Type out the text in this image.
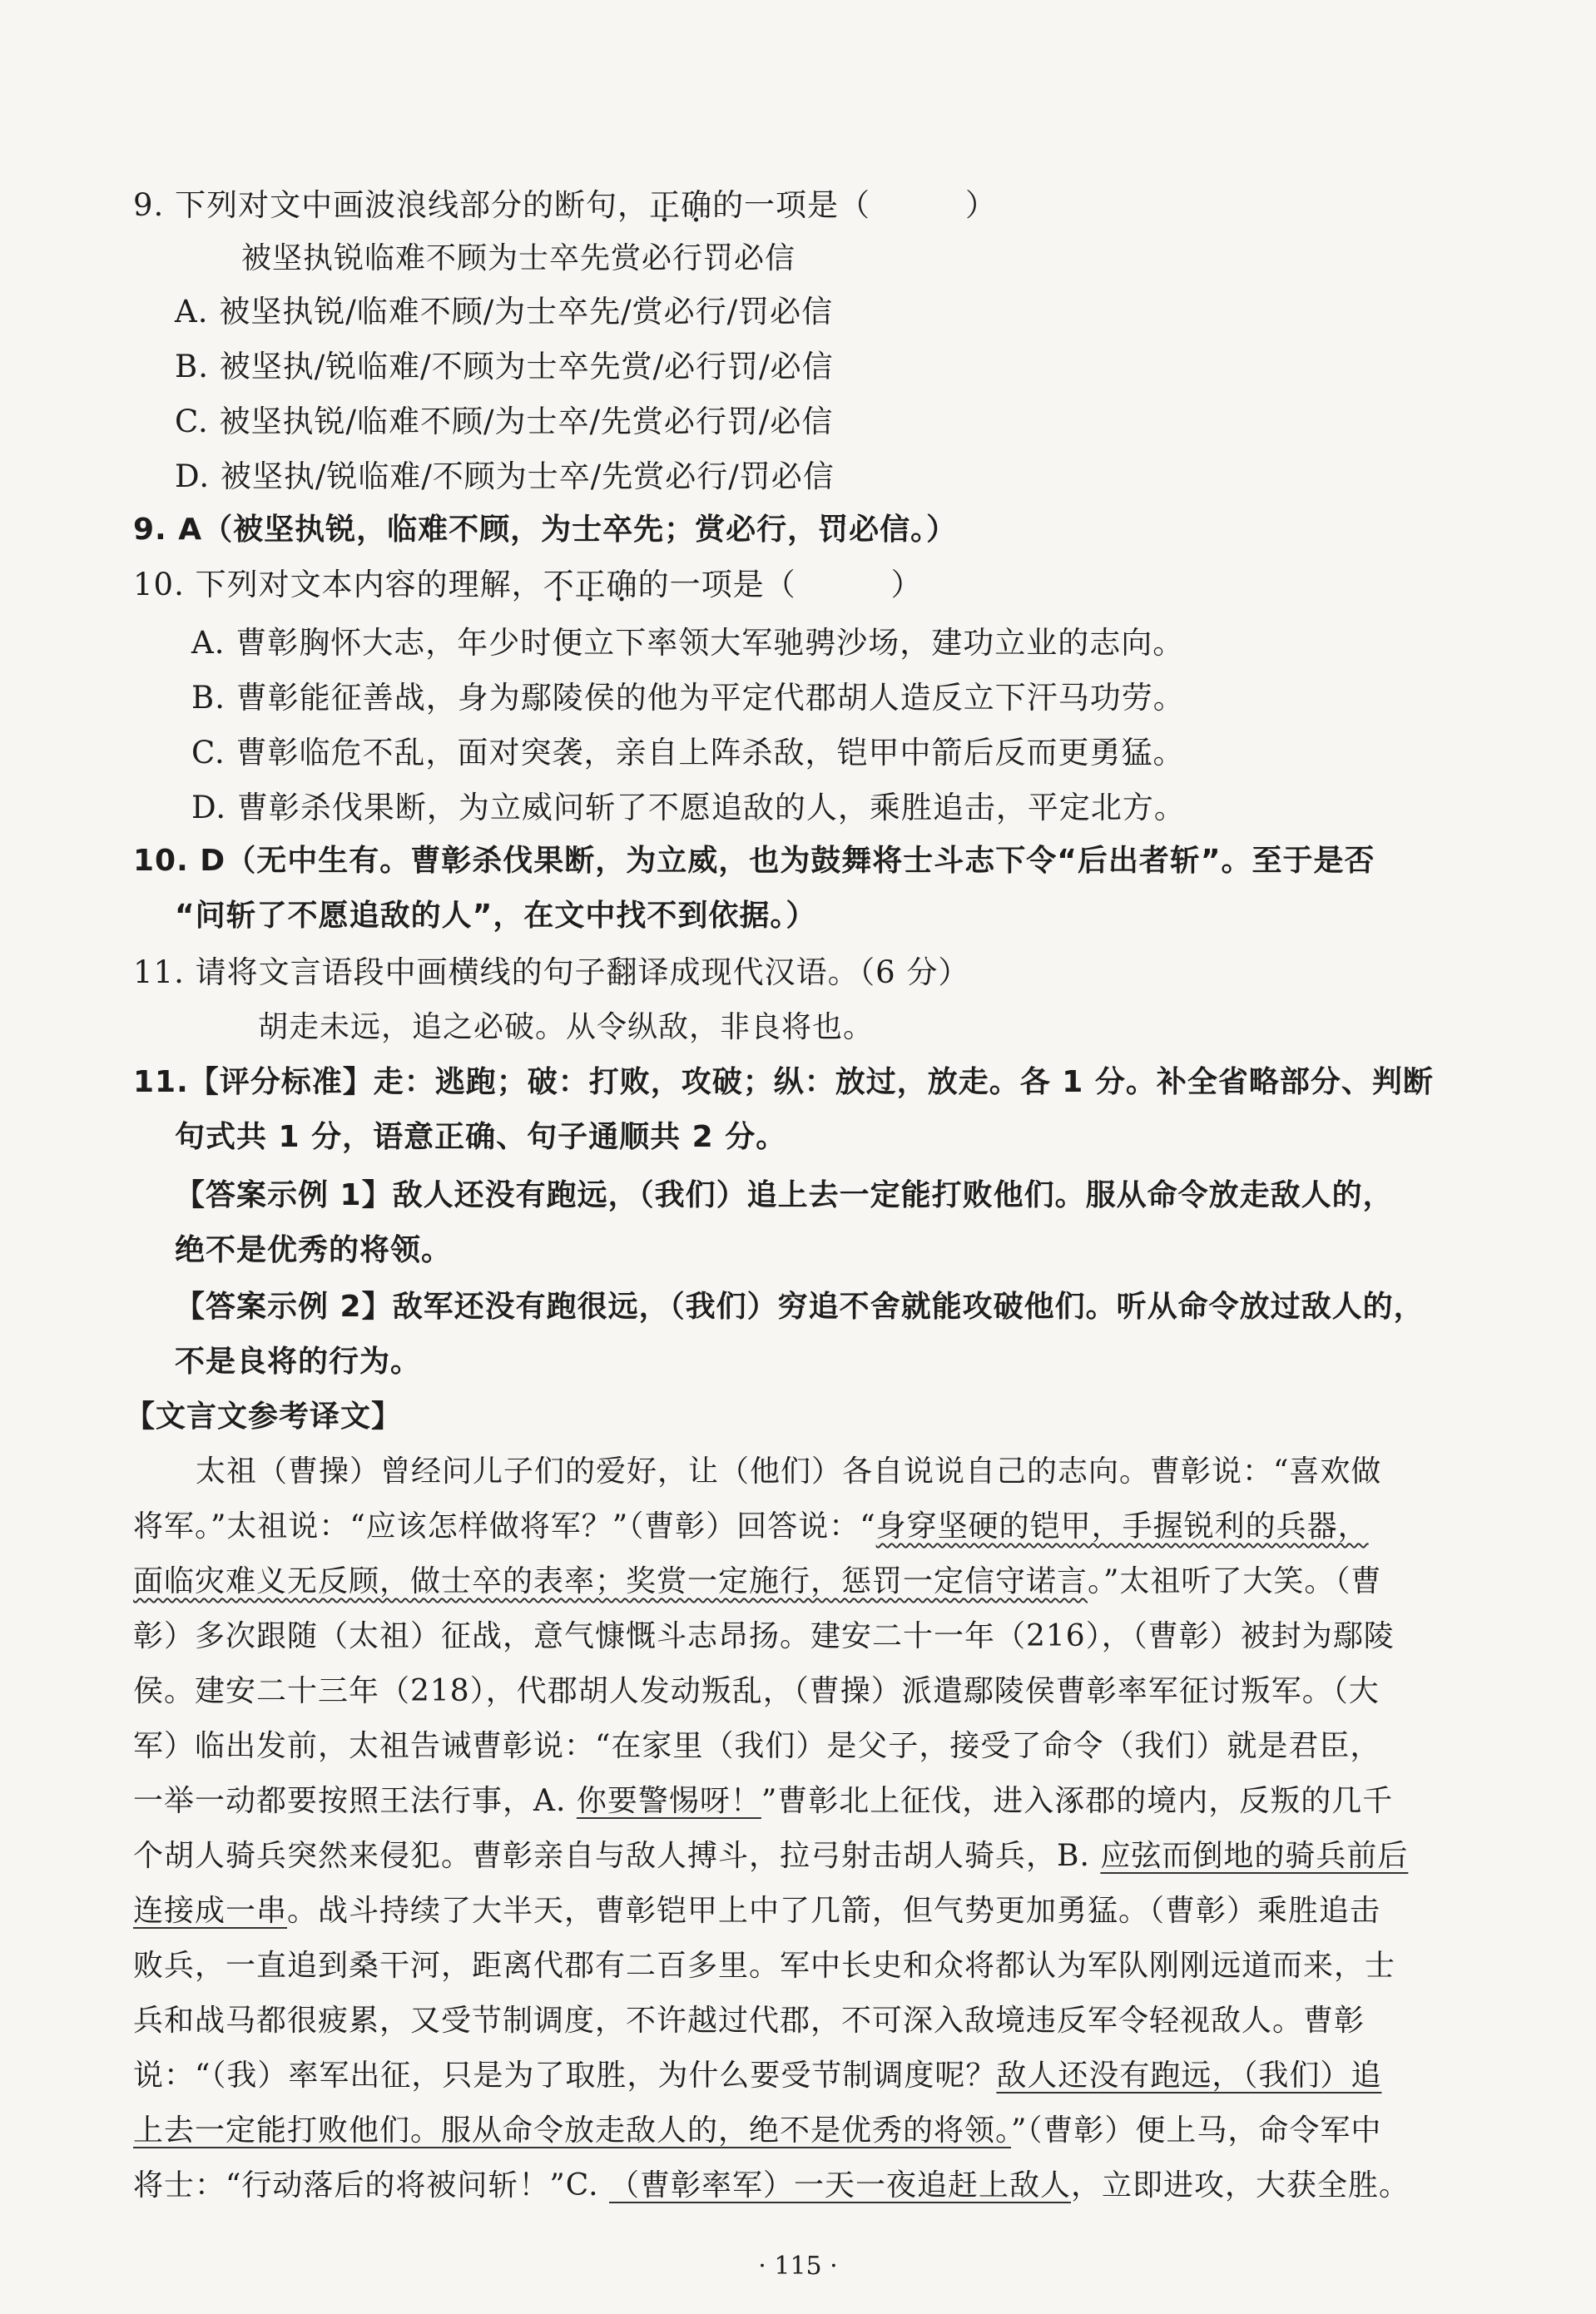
9. 下列对文中画波浪线部分的断句，正确的一项是（　　　）
被坚执锐临难不顾为士卒先赏必行罚必信
A. 被坚执锐/临难不顾/为士卒先/赏必行/罚必信
B. 被坚执/锐临难/不顾为士卒先赏/必行罚/必信
C. 被坚执锐/临难不顾/为士卒/先赏必行罚/必信
D. 被坚执/锐临难/不顾为士卒/先赏必行/罚必信
9. A（被坚执锐，临难不顾，为士卒先；赏必行，罚必信。）
10. 下列对文本内容的理解，不正确的一项是（　　　）
A. 曹彰胸怀大志，年少时便立下率领大军驰骋沙场，建功立业的志向。
B. 曹彰能征善战，身为鄢陵侯的他为平定代郡胡人造反立下汗马功劳。
C. 曹彰临危不乱，面对突袭，亲自上阵杀敌，铠甲中箭后反而更勇猛。
D. 曹彰杀伐果断，为立威问斩了不愿追敌的人，乘胜追击，平定北方。
10. D（无中生有。曹彰杀伐果断，为立威，也为鼓舞将士斗志下令“后出者斩”。至于是否
“问斩了不愿追敌的人”，在文中找不到依据。）
11. 请将文言语段中画横线的句子翻译成现代汉语。（6 分）
胡走未远，追之必破。从令纵敌，非良将也。
11.【评分标准】走：逃跑；破：打败，攻破；纵：放过，放走。各 1 分。补全省略部分、判断
句式共 1 分，语意正确、句子通顺共 2 分。
【答案示例 1】敌人还没有跑远，（我们）追上去一定能打败他们。服从命令放走敌人的，
绝不是优秀的将领。
【答案示例 2】敌军还没有跑很远，（我们）穷追不舍就能攻破他们。听从命令放过敌人的，
不是良将的行为。
【文言文参考译文】
太祖（曹操）曾经问儿子们的爱好，让（他们）各自说说自己的志向。曹彰说：“喜欢做
将军。”太祖说：“应该怎样做将军？”（曹彰）回答说：“身穿坚硬的铠甲，手握锐利的兵器，
面临灾难义无反顾，做士卒的表率；奖赏一定施行，惩罚一定信守诺言。”太祖听了大笑。（曹
彰）多次跟随（太祖）征战，意气慷慨斗志昂扬。建安二十一年（216），（曹彰）被封为鄢陵
侯。建安二十三年（218），代郡胡人发动叛乱，（曹操）派遣鄢陵侯曹彰率军征讨叛军。（大
军）临出发前，太祖告诫曹彰说：“在家里（我们）是父子，接受了命令（我们）就是君臣，
一举一动都要按照王法行事，A. 你要警惕呀！”曹彰北上征伐，进入涿郡的境内，反叛的几千
个胡人骑兵突然来侵犯。曹彰亲自与敌人搏斗，拉弓射击胡人骑兵，B. 应弦而倒地的骑兵前后
连接成一串。战斗持续了大半天，曹彰铠甲上中了几箭，但气势更加勇猛。（曹彰）乘胜追击
败兵，一直追到桑干河，距离代郡有二百多里。军中长史和众将都认为军队刚刚远道而来，士
兵和战马都很疲累，又受节制调度，不许越过代郡，不可深入敌境违反军令轻视敌人。曹彰
说：“（我）率军出征，只是为了取胜，为什么要受节制调度呢？敌人还没有跑远，（我们）追
上去一定能打败他们。服从命令放走敌人的，绝不是优秀的将领。”（曹彰）便上马，命令军中
将士：“行动落后的将被问斩！”C. （曹彰率军）一天一夜追赶上敌人，立即进攻，大获全胜。
· 115 ·
